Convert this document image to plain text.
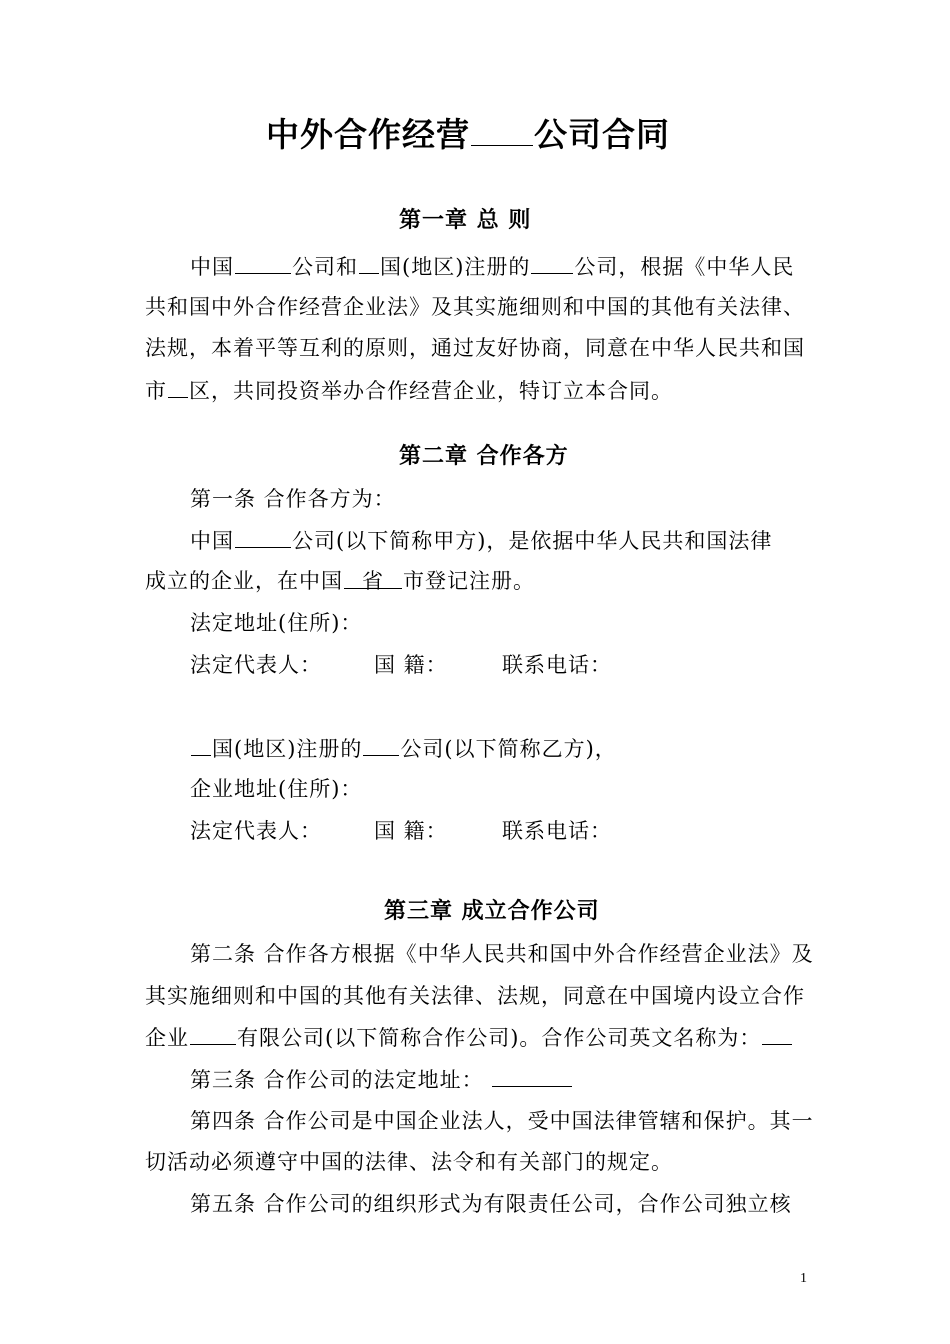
中外合作经营 公司合同
第一章 总 则
中国	公司和 国(地区)注册的 公司，根据《中华人民
共和国中外合作经营企业法》及其实施细则和中国的其他有关法律、
法规，本着平等互利的原则，通过友好协商，同意在中华人民共和国
市 区，共同投资举办合作经营企业，特订立本合同。
第二章 合作各方
第一条 合作各方为：
中国	公司(以下简称甲方)，是依据中华人民共和国法律
成立的企业，在中国 省 市登记注册。
法定地址(住所)：
法定代表人： 国 籍：	联系电话：
国(地区)注册的 公司(以下简称乙方)，
企业地址(住所)：
法定代表人： 国 籍：	联系电话：
第三章 成立合作公司
第二条 合作各方根据《中华人民共和国中外合作经营企业法》及
其实施细则和中国的其他有关法律、法规，同意在中国境内设立合作
企业 有限公司(以下简称合作公司)。合作公司英文名称为：
第三条 合作公司的法定地址：
第四条 合作公司是中国企业法人，受中国法律管辖和保护。其一
切活动必须遵守中国的法律、法令和有关部门的规定。
第五条 合作公司的组织形式为有限责任公司，合作公司独立核
1
